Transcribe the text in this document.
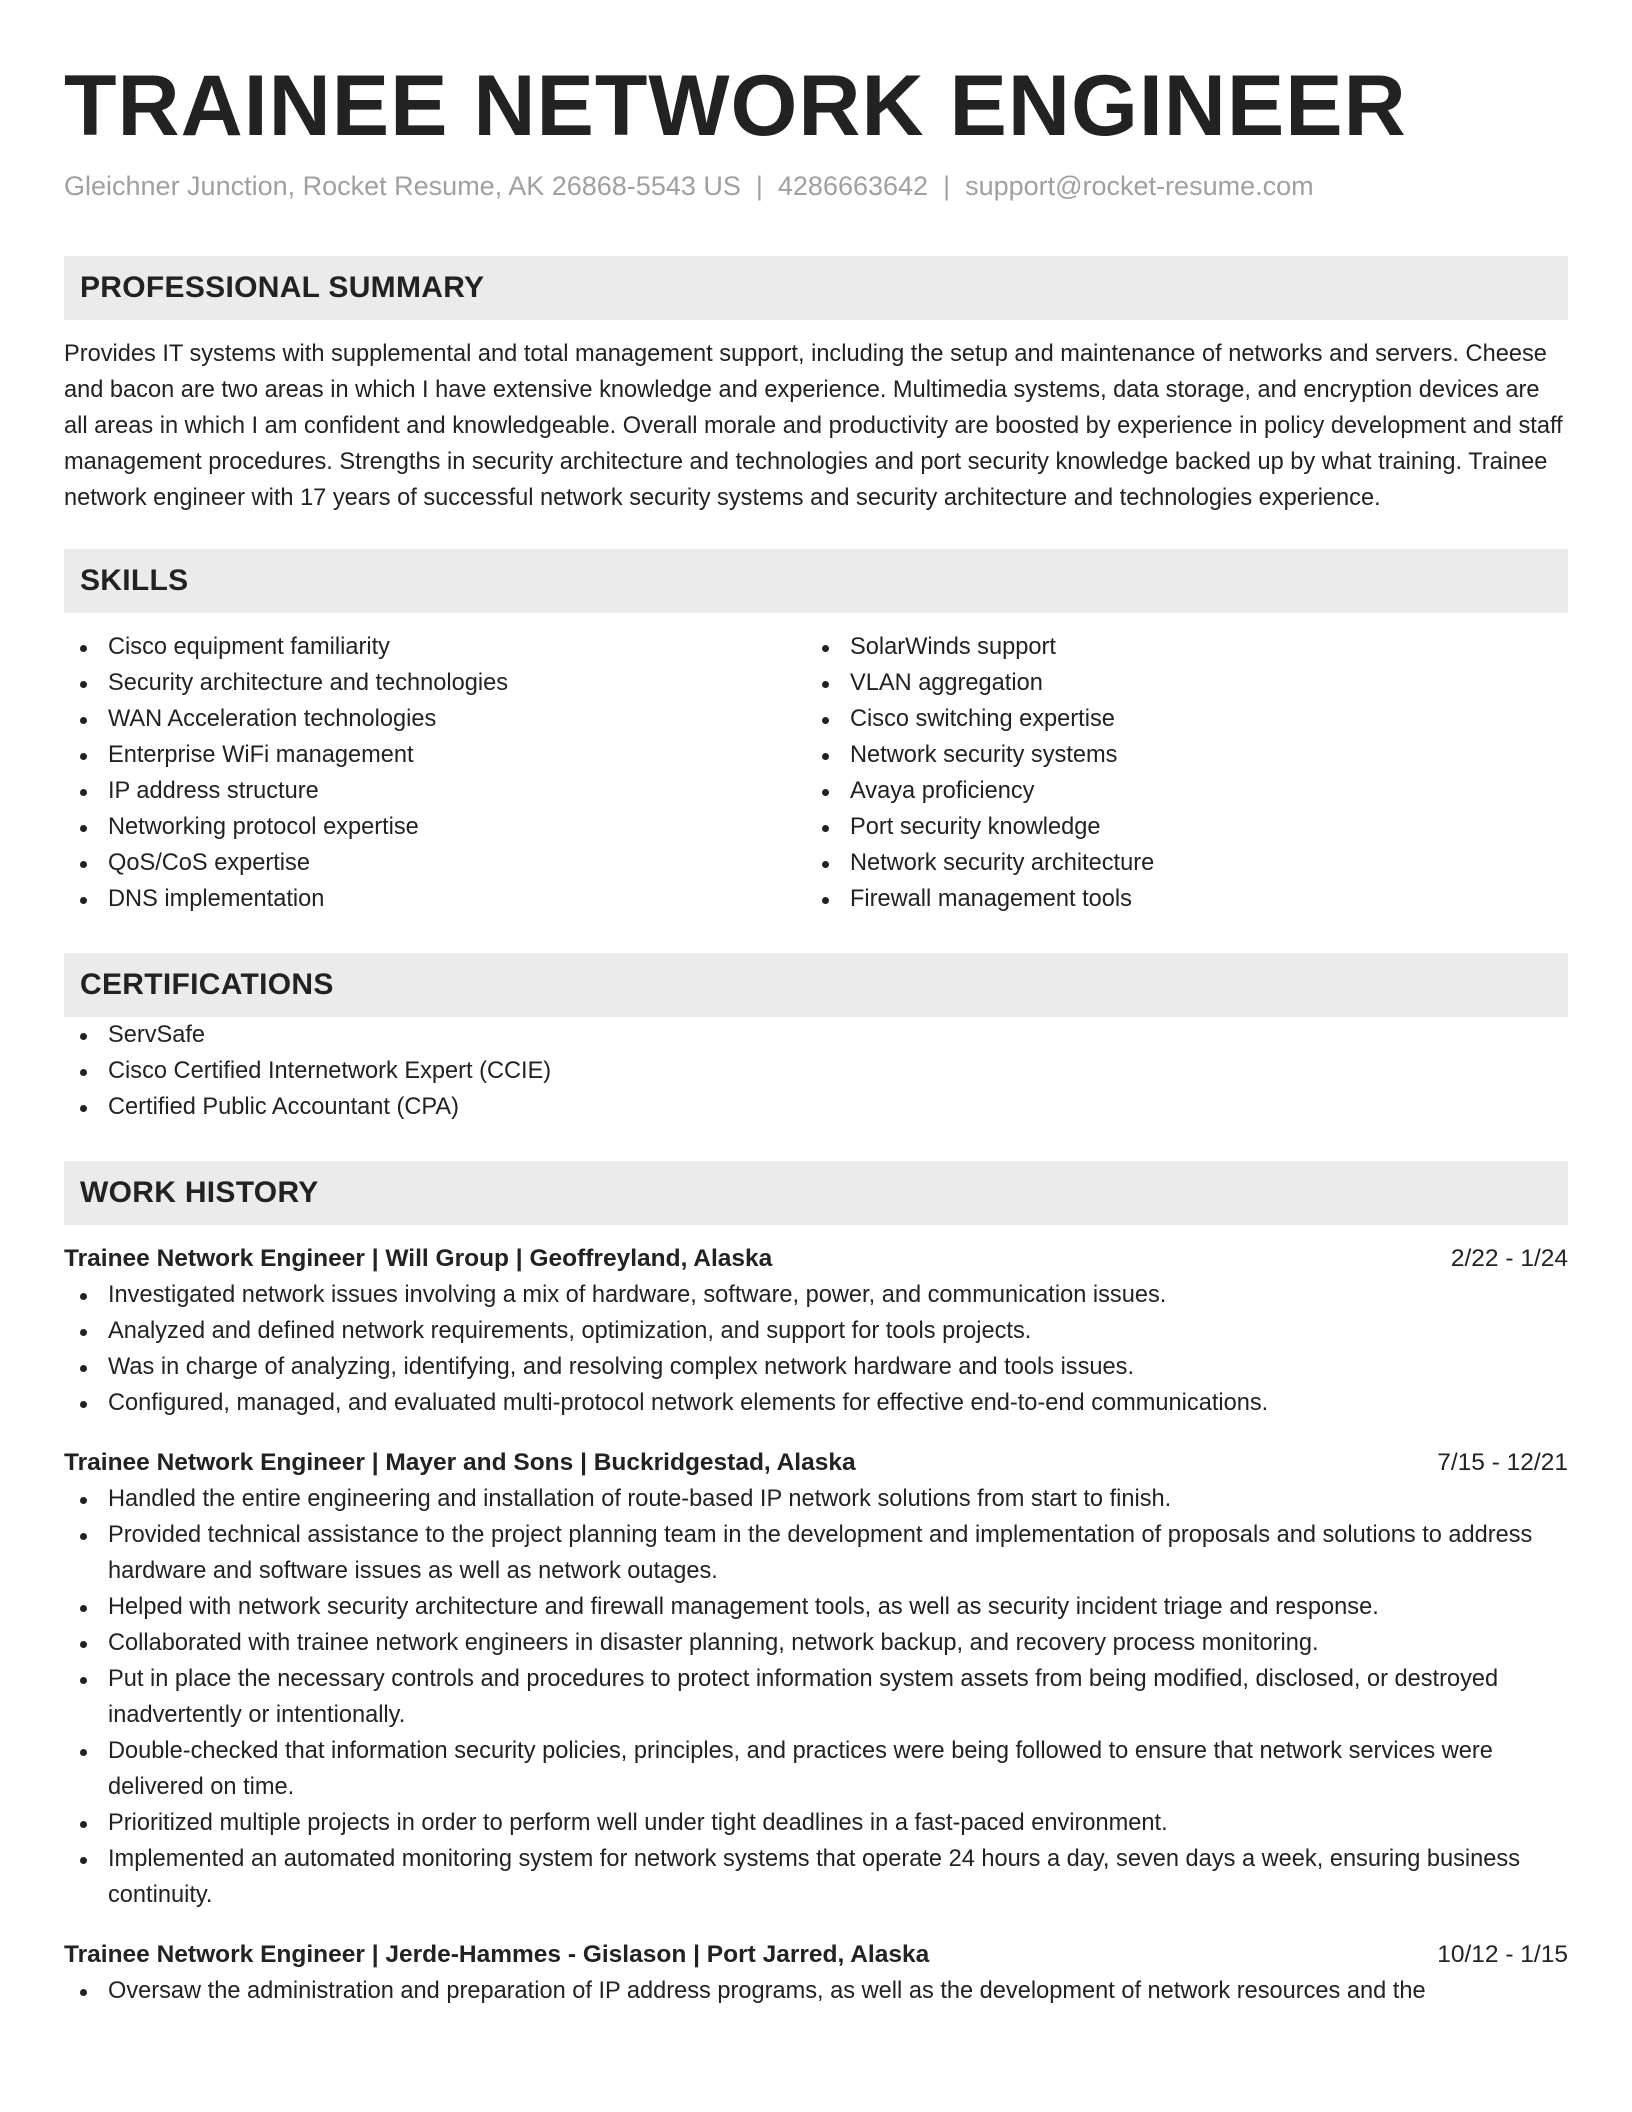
TRAINEE NETWORK ENGINEER
Gleichner Junction, Rocket Resume, AK 26868-5543 US | 4286663642 | support@rocket-resume.com
PROFESSIONAL SUMMARY

Provides IT systems with supplemental and total management support, including the setup and maintenance of networks and servers. Cheese and bacon are two areas in which I have extensive knowledge and experience. Multimedia systems, data storage, and encryption devices are all areas in which I am confident and knowledgeable. Overall morale and productivity are boosted by experience in policy development and staff management procedures. Strengths in security architecture and technologies and port security knowledge backed up by what training. Trainee network engineer with 17 years of successful network security systems and security architecture and technologies experience.

SKILLS
Cisco equipment familiarity
Security architecture and technologies
WAN Acceleration technologies
Enterprise WiFi management
IP address structure
Networking protocol expertise
QoS/CoS expertise
DNS implementation
SolarWinds support
VLAN aggregation
Cisco switching expertise
Network security systems
Avaya proficiency
Port security knowledge
Network security architecture
Firewall management tools
CERTIFICATIONS
ServSafe
Cisco Certified Internetwork Expert (CCIE)
Certified Public Accountant (CPA)
WORK HISTORY
Trainee Network Engineer | Will Group | Geoffreyland, Alaska	2/22 - 1/24
Investigated network issues involving a mix of hardware, software, power, and communication issues.
Analyzed and defined network requirements, optimization, and support for tools projects.
Was in charge of analyzing, identifying, and resolving complex network hardware and tools issues.
Configured, managed, and evaluated multi-protocol network elements for effective end-to-end communications.
Trainee Network Engineer | Mayer and Sons | Buckridgestad, Alaska	7/15 - 12/21
Handled the entire engineering and installation of route-based IP network solutions from start to finish.
Provided technical assistance to the project planning team in the development and implementation of proposals and solutions to address hardware and software issues as well as network outages.
Helped with network security architecture and firewall management tools, as well as security incident triage and response.
Collaborated with trainee network engineers in disaster planning, network backup, and recovery process monitoring.
Put in place the necessary controls and procedures to protect information system assets from being modified, disclosed, or destroyed inadvertently or intentionally.
Double-checked that information security policies, principles, and practices were being followed to ensure that network services were delivered on time.
Prioritized multiple projects in order to perform well under tight deadlines in a fast-paced environment.
Implemented an automated monitoring system for network systems that operate 24 hours a day, seven days a week, ensuring business continuity.
Trainee Network Engineer | Jerde-Hammes - Gislason | Port Jarred, Alaska	10/12 - 1/15
Oversaw the administration and preparation of IP address programs, as well as the development of network resources and the
